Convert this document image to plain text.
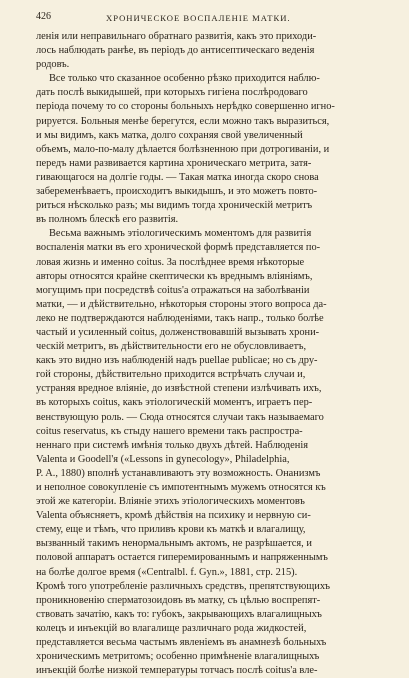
426	ХРОНИЧЕСКОЕ ВОСПАЛЕНІЕ МАТКИ.
ленія или неправильнаго обратнаго развитія, какъ это приходи-
лось наблюдать ранѣе, въ періодъ до антисептическаго веденія
родовъ.
Все только что сказанное особенно рѣзко приходится наблю-
дать послѣ выкидышей, при которыхъ гигіена послѣродоваго
періода почему то со стороны больныхъ нерѣдко совершенно игно-
рируется. Больныя менѣе берегутся, если можно такъ выразиться,
и мы видимъ, какъ матка, долго сохраняя свой увеличенный
объемъ, мало-по-малу дѣлается болѣзненною при дотрогиваніи, и
передъ нами развивается картина хроническаго метрита, затя-
гивающагося на долгіе годы. — Такая матка иногда скоро снова
забеременѣваетъ, происходитъ выкидышъ, и это можетъ повто-
риться нѣсколько разъ; мы видимъ тогда хроническій метритъ
въ полномъ блескѣ его развитія.
Весьма важнымъ этіологическимъ моментомъ для развитія
воспаленія матки въ его хронической формѣ представляется по-
ловая жизнь и именно coitus. За послѣднее время нѣкоторые
авторы относятся крайне скептически къ вреднымъ вліяніямъ,
могущимъ при посредствѣ coitus'а отражаться на заболѣваніи
матки, — и дѣйствительно, нѣкоторыя стороны этого вопроса да-
леко не подтверждаются наблюденіями, такъ напр., только болѣе
частый и усиленный coitus, долженствовавшій вызывать хрони-
ческій метритъ, въ дѣйствительности его не обусловливаетъ,
какъ это видно изъ наблюденій надъ puellae publicae; но съ дру-
гой стороны, дѣйствительно приходится встрѣчать случаи и,
устраняя вредное вліяніе, до извѣстной степени излѣчивать ихъ,
въ которыхъ coitus, какъ этіологическій моментъ, играетъ пер-
венствующую роль. — Сюда относятся случаи такъ называемаго
coitus reservatus, къ стыду нашего времени такъ распростра-
неннаго при системѣ имѣнія только двухъ дѣтей. Наблюденія
Valenta и Goodell'я («Lessons in gynecology», Philadelphia,
P. A., 1880) вполнѣ устанавливаютъ эту возможность. Онанизмъ
и неполное совокупленіе съ импотентнымъ мужемъ относятся къ
этой же категоріи. Вліяніе этихъ этіологическихъ моментовъ
Valenta объясняетъ, кромѣ дѣйствія на психику и нервную си-
стему, еще и тѣмъ, что приливъ крови къ маткѣ и влагалищу,
вызванный такимъ ненормальнымъ актомъ, не разрѣшается, и
половой аппаратъ остается гиперемированнымъ и напряженнымъ
на болѣе долгое время («Centralbl. f. Gyn.», 1881, стр. 215).
Кромѣ того употребленіе различныхъ средствъ, препятствующихъ
проникновенію сперматозоидовъ въ матку, съ цѣлью воспрепят-
ствовать зачатію, какъ то: губокъ, закрывающихъ влагалищныхъ
колецъ и инъекцій во влагалище различнаго рода жидкостей,
представляется весьма частымъ явленіемъ въ анамнезѣ больныхъ
хроническимъ метритомъ; особенно примѣненіе влагалищныхъ
инъекцій болѣе низкой температуры тотчасъ послѣ coitus'а вле-
